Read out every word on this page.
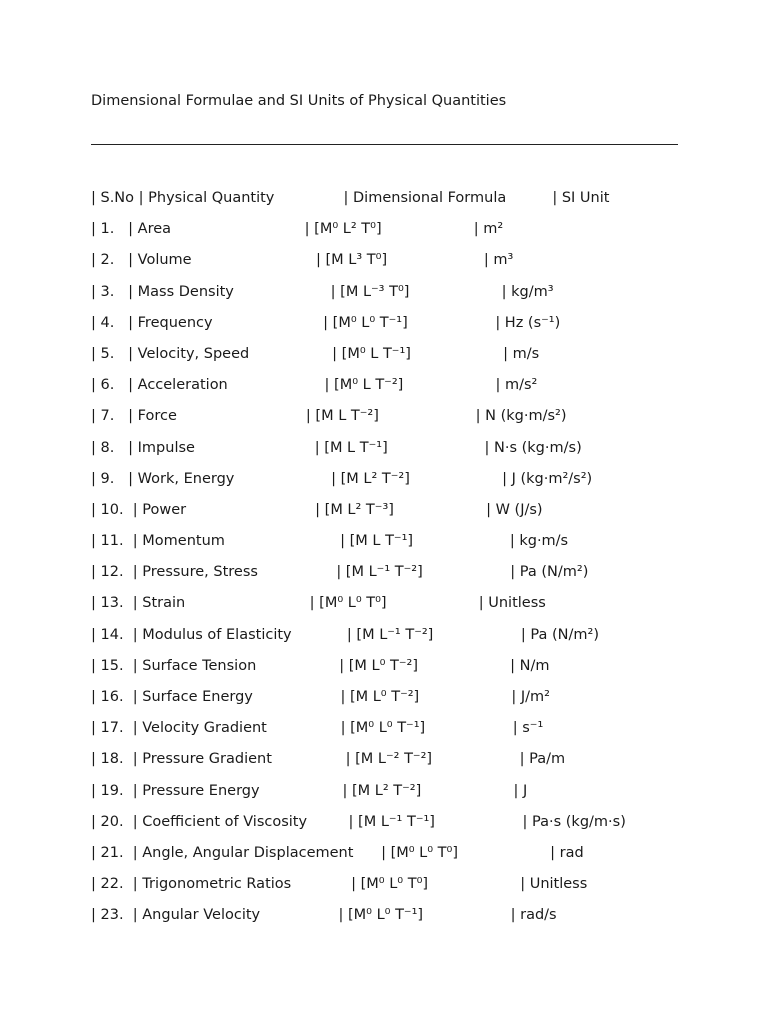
Dimensional Formulae and SI Units of Physical Quantities
| S.No | Physical Quantity               | Dimensional Formula          | SI Unit
| 1.   | Area                             | [M⁰ L² T⁰]                    | m²
| 2.   | Volume                           | [M L³ T⁰]                     | m³
| 3.   | Mass Density                     | [M L⁻³ T⁰]                    | kg/m³
| 4.   | Frequency                        | [M⁰ L⁰ T⁻¹]                   | Hz (s⁻¹)
| 5.   | Velocity, Speed                  | [M⁰ L T⁻¹]                    | m/s
| 6.   | Acceleration                     | [M⁰ L T⁻²]                    | m/s²
| 7.   | Force                            | [M L T⁻²]                     | N (kg·m/s²)
| 8.   | Impulse                          | [M L T⁻¹]                     | N·s (kg·m/s)
| 9.   | Work, Energy                     | [M L² T⁻²]                    | J (kg·m²/s²)
| 10.  | Power                            | [M L² T⁻³]                    | W (J/s)
| 11.  | Momentum                         | [M L T⁻¹]                     | kg·m/s
| 12.  | Pressure, Stress                 | [M L⁻¹ T⁻²]                   | Pa (N/m²)
| 13.  | Strain                           | [M⁰ L⁰ T⁰]                    | Unitless
| 14.  | Modulus of Elasticity            | [M L⁻¹ T⁻²]                   | Pa (N/m²)
| 15.  | Surface Tension                  | [M L⁰ T⁻²]                    | N/m
| 16.  | Surface Energy                   | [M L⁰ T⁻²]                    | J/m²
| 17.  | Velocity Gradient                | [M⁰ L⁰ T⁻¹]                   | s⁻¹
| 18.  | Pressure Gradient                | [M L⁻² T⁻²]                   | Pa/m
| 19.  | Pressure Energy                  | [M L² T⁻²]                    | J
| 20.  | Coefficient of Viscosity         | [M L⁻¹ T⁻¹]                   | Pa·s (kg/m·s)
| 21.  | Angle, Angular Displacement      | [M⁰ L⁰ T⁰]                    | rad
| 22.  | Trigonometric Ratios             | [M⁰ L⁰ T⁰]                    | Unitless
| 23.  | Angular Velocity                 | [M⁰ L⁰ T⁻¹]                   | rad/s
